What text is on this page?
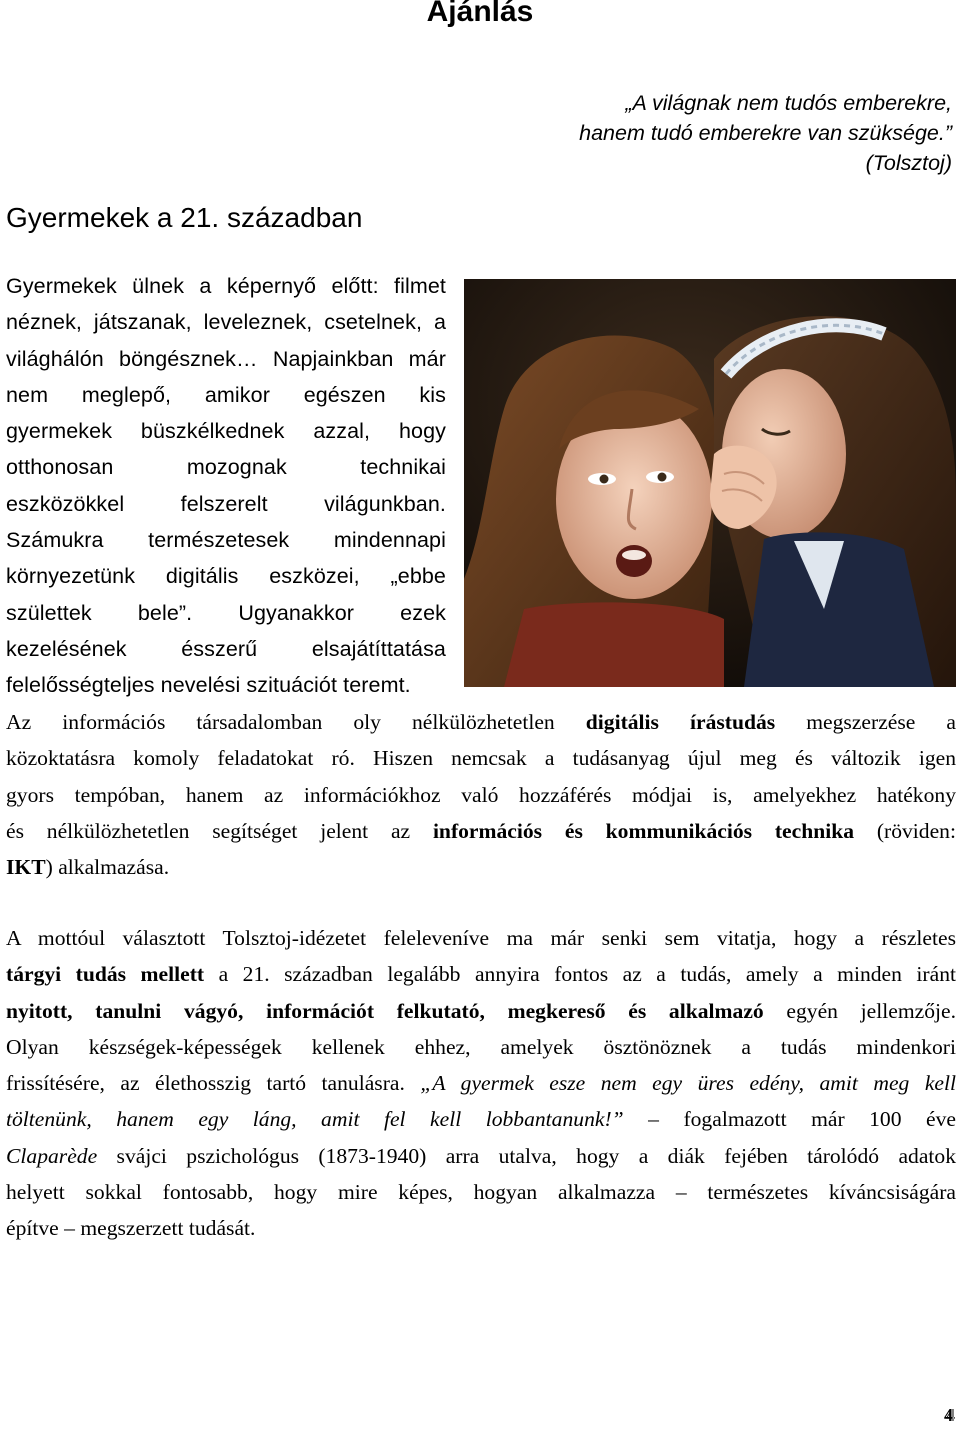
Ajánlás
„A világnak nem tudós emberekre,
hanem tudó emberekre van szüksége.”
(Tolsztoj)
Gyermekek a 21. században
Gyermekek ülnek a képernyő előtt: filmet
néznek, játszanak, leveleznek, csetelnek, a
világhálón böngésznek… Napjainkban már
nem meglepő, amikor egészen kis
gyermekek büszkélkednek azzal, hogy
otthonosan mozognak technikai
eszközökkel felszerelt világunkban.
Számukra természetesek mindennapi
környezetünk digitális eszközei, „ebbe
születtek bele”. Ugyanakkor ezek
kezelésének ésszerű elsajátíttatása
felelősségteljes nevelési szituációt teremt.
Az információs társadalomban oly nélkülözhetetlen digitális írástudás megszerzése a
közoktatásra komoly feladatokat ró. Hiszen nemcsak a tudásanyag újul meg és változik igen
gyors tempóban, hanem az információkhoz való hozzáférés módjai is, amelyekhez hatékony
és nélkülözhetetlen segítséget jelent az információs és kommunikációs technika (röviden:
IKT) alkalmazása.
A mottóul választott Tolsztoj-idézetet feleleveníve ma már senki sem vitatja, hogy a részletes
tárgyi tudás mellett a 21. században legalább annyira fontos az a tudás, amely a minden iránt
nyitott, tanulni vágyó, információt felkutató, megkereső és alkalmazó egyén jellemzője.
Olyan készségek-képességek kellenek ehhez, amelyek ösztönöznek a tudás mindenkori
frissítésére, az élethosszig tartó tanulásra. „A gyermek esze nem egy üres edény, amit meg kell
töltenünk, hanem egy láng, amit fel kell lobbantanunk!” – fogalmazott már 100 éve
Claparède svájci pszichológus (1873-1940) arra utalva, hogy a diák fejében tárolódó adatok
helyett sokkal fontosabb, hogy mire képes, hogyan alkalmazza – természetes kíváncsiságára
építve – megszerzett tudását.
4
